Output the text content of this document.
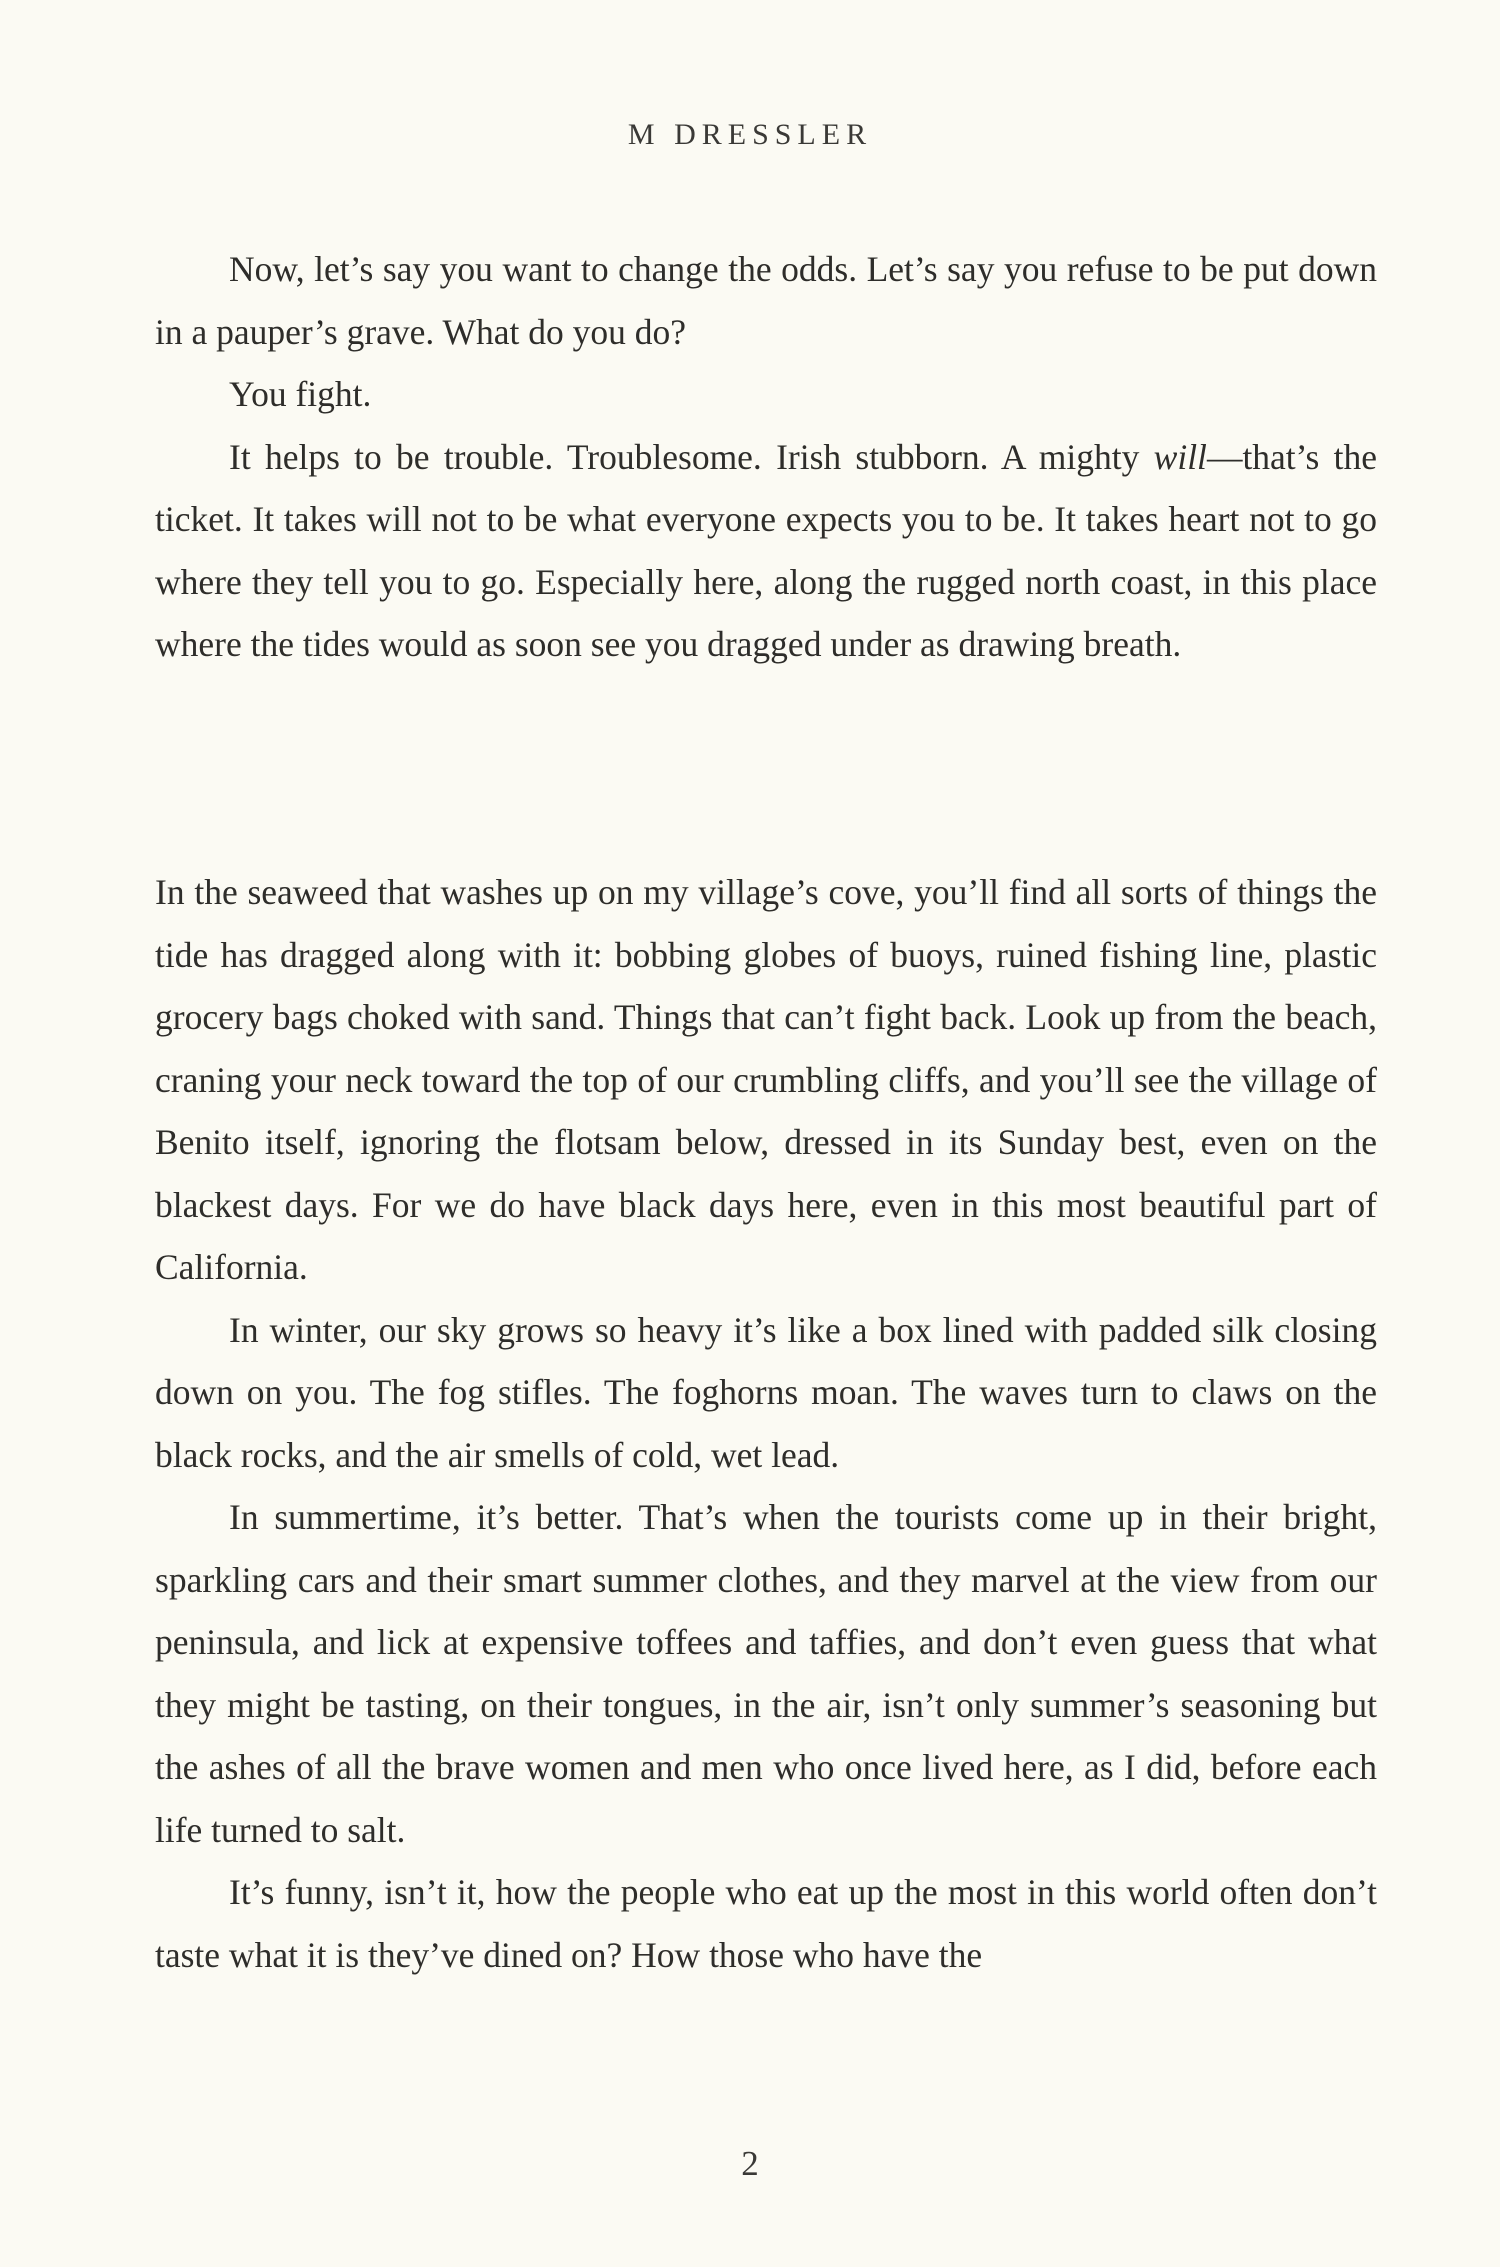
M DRESSLER

Now, let’s say you want to change the odds. Let’s say you refuse to be put down in a pauper’s grave. What do you do?

You fight.

It helps to be trouble. Troublesome. Irish stubborn. A mighty will—that’s the ticket. It takes will not to be what everyone expects you to be. It takes heart not to go where they tell you to go. Especially here, along the rugged north coast, in this place where the tides would as soon see you dragged under as drawing breath.

In the seaweed that washes up on my village’s cove, you’ll find all sorts of things the tide has dragged along with it: bobbing globes of buoys, ruined fishing line, plastic grocery bags choked with sand. Things that can’t fight back. Look up from the beach, craning your neck toward the top of our crumbling cliffs, and you’ll see the village of Benito itself, ignoring the flotsam below, dressed in its Sunday best, even on the blackest days. For we do have black days here, even in this most beautiful part of California.

In winter, our sky grows so heavy it’s like a box lined with padded silk closing down on you. The fog stifles. The foghorns moan. The waves turn to claws on the black rocks, and the air smells of cold, wet lead.

In summertime, it’s better. That’s when the tourists come up in their bright, sparkling cars and their smart summer clothes, and they marvel at the view from our peninsula, and lick at expensive toffees and taffies, and don’t even guess that what they might be tasting, on their tongues, in the air, isn’t only summer’s seasoning but the ashes of all the brave women and men who once lived here, as I did, before each life turned to salt.

It’s funny, isn’t it, how the people who eat up the most in this world often don’t taste what it is they’ve dined on? How those who have the

2
